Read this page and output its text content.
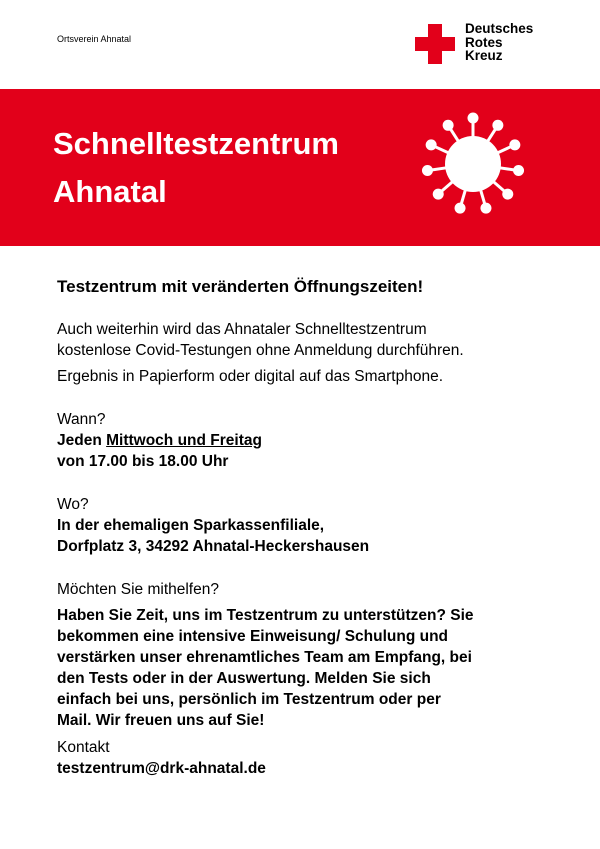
Ortsverein Ahnatal
Deutsches
Rotes
Kreuz
Schnelltestzentrum
Ahnatal
Testzentrum mit veränderten Öffnungszeiten!
Auch weiterhin wird das Ahnataler Schnelltestzentrum
kostenlose Covid-Testungen ohne Anmeldung durchführen.
Ergebnis in Papierform oder digital auf das Smartphone.
Wann?
Jeden Mittwoch und Freitag
von 17.00 bis 18.00 Uhr
Wo?
In der ehemaligen Sparkassenfiliale,
Dorfplatz 3, 34292 Ahnatal-Heckershausen
Möchten Sie mithelfen?
Haben Sie Zeit, uns im Testzentrum zu unterstützen? Sie
bekommen eine intensive Einweisung/ Schulung und
verstärken unser ehrenamtliches Team am Empfang, bei
den Tests oder in der Auswertung. Melden Sie sich
einfach bei uns, persönlich im Testzentrum oder per
Mail. Wir freuen uns auf Sie!
Kontakt
testzentrum@drk-ahnatal.de
